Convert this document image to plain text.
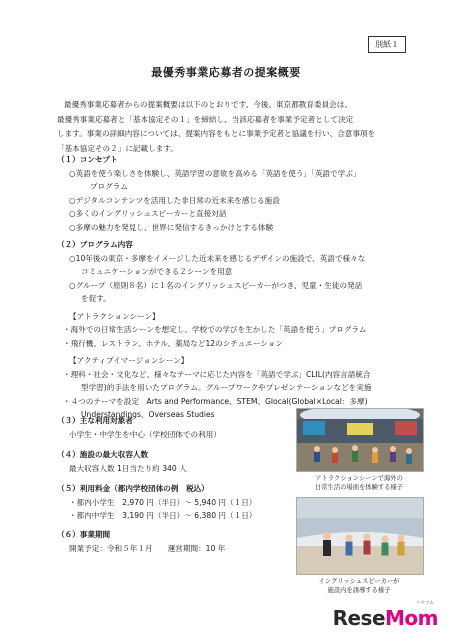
別紙１
最優秀事業応募者の提案概要
最優秀事業応募者からの提案概要は以下のとおりです。今後、東京都教育委員会は、
最優秀事業応募者と「基本協定その１」を締結し、当該応募者を事業予定者として決定
します。事業の詳細内容については、提案内容をもとに事業予定者と協議を行い、合意事項を
「基本協定その２」に記載します。
（１）コンセプト
○英語を使う楽しさを体験し、英語学習の意欲を高める「英語を使う」「英語で学ぶ」
プログラム
○デジタルコンテンツを活用した非日常の近未来を感じる施設
○多くのイングリッシュスピーカーと直接対話
○多摩の魅力を発見し、世界に発信するきっかけとする体験
（２）プログラム内容
○10年後の東京・多摩をイメージした近未来を感じるデザインの施設で、英語で様々な
コミュニケーションができる２シーンを用意
○グループ（原則８名）に１名のイングリッシュスピーカーがつき、児童・生徒の発話
を促す。
【アトラクションシーン】
・海外での日常生活シーンを想定し、学校での学びを生かした「英語を使う」プログラム
・飛行機、レストラン、ホテル、薬局など12のシチュエーション
【アクティブイマージョンシーン】
・理科・社会・文化など、様々なテーマに応じた内容を「英語で学ぶ」CLIL(内容言語統合
型学習)的手法を用いたプログラム。グループワークやプレゼンテーションなどを実施
・４つのテーマを設定　Arts and Performance、STEM、Glocal(Global×Local：多摩)
Understandings、Overseas Studies
（３）主な利用対象者
小学生・中学生を中心（学校団体での利用）
（４）施設の最大収容人数
最大収容人数 1日当たり約 340 人
（５）利用料金（都内学校団体の例　税込）
・都内小学生　2,970 円（半日）～ 5,940 円（１日）
・都内中学生　3,190 円（半日）～ 6,380 円（１日）
（６）事業期間
開業予定：令和５年１月　　運営期間：10 年
アトラクションシーンで海外の
日常生活の場面を体験する様子
イングリッシュスピーカーが
施設内を誘導する様子
リセマム
ReseMom
